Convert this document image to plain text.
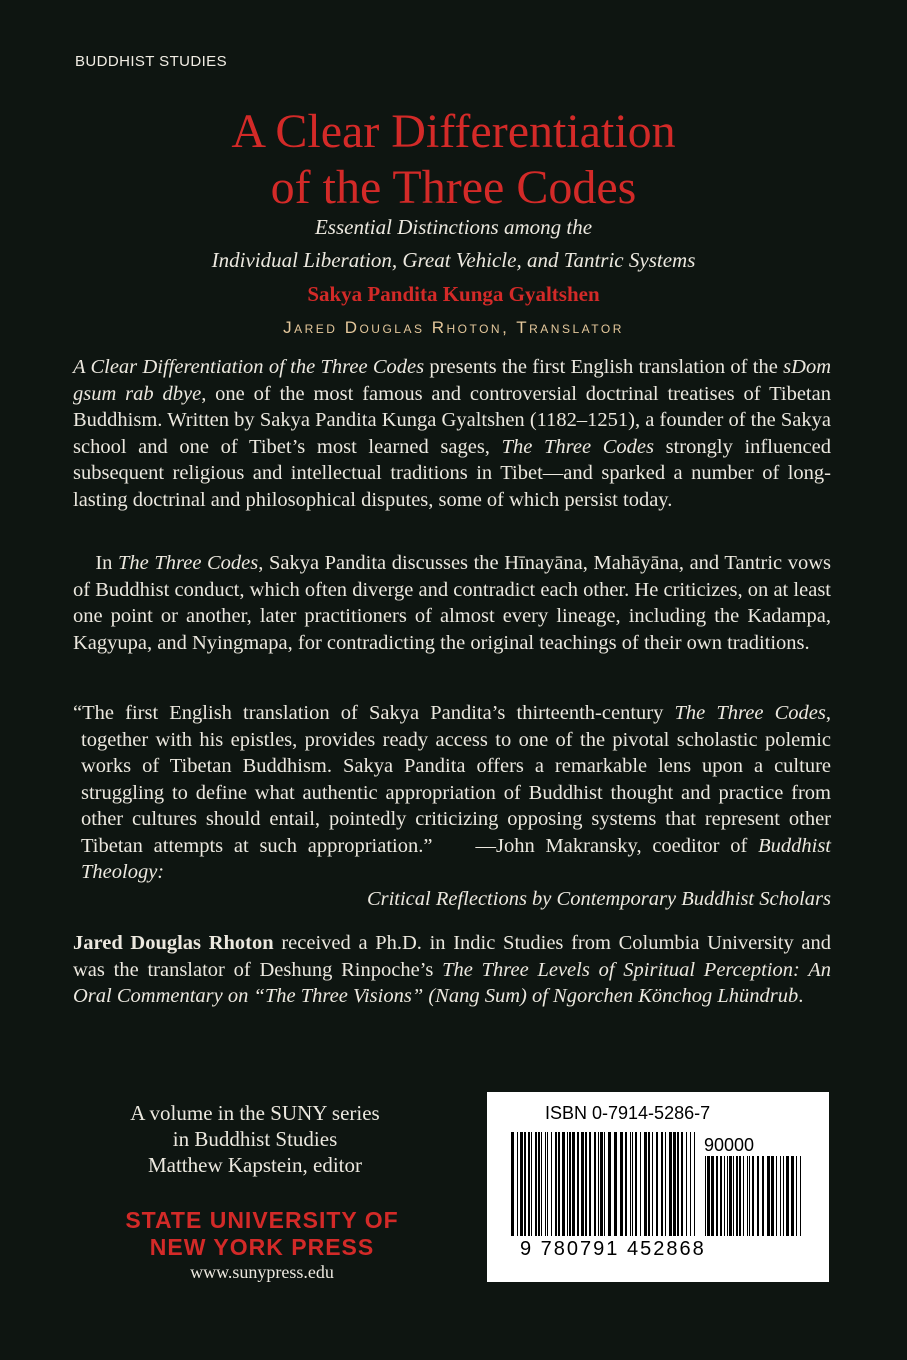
BUDDHIST STUDIES
A Clear Differentiation
of the Three Codes
Essential Distinctions among the
Individual Liberation, Great Vehicle, and Tantric Systems
Sakya Pandita Kunga Gyaltshen
Jared Douglas Rhoton, Translator

A Clear Differentiation of the Three Codes presents the first English translation of the sDom gsum rab dbye, one of the most famous and controversial doctrinal treatises of Tibetan Buddhism. Written by Sakya Pandita Kunga Gyaltshen (1182–1251), a founder of the Sakya school and one of Tibet’s most learned sages, The Three Codes strongly influenced subsequent religious and intellectual traditions in Tibet—and sparked a number of long-lasting doctrinal and philosophical disputes, some of which persist today.

In The Three Codes, Sakya Pandita discusses the Hīnayāna, Mahāyāna, and Tantric vows of Buddhist conduct, which often diverge and contradict each other. He criticizes, on at least one point or another, later practitioners of almost every lineage, including the Kadampa, Kagyupa, and Nyingmapa, for contradicting the original teachings of their own traditions.

“The first English translation of Sakya Pandita’s thirteenth-century The Three Codes, together with his epistles, provides ready access to one of the pivotal scholastic polemic works of Tibetan Buddhism. Sakya Pandita offers a remarkable lens upon a culture struggling to define what authentic appropriation of Buddhist thought and practice from other cultures should entail, pointedly criticizing opposing systems that represent other Tibetan attempts at such appropriation.” —John Makransky, coeditor of Buddhist Theology:
Critical Reflections by Contemporary Buddhist Scholars

Jared Douglas Rhoton received a Ph.D. in Indic Studies from Columbia University and was the translator of Deshung Rinpoche’s The Three Levels of Spiritual Perception: An Oral Commentary on “The Three Visions” (Nang Sum) of Ngorchen Könchog Lhündrub.

A volume in the SUNY series
in Buddhist Studies
Matthew Kapstein, editor
STATE UNIVERSITY OF
NEW YORK PRESS
www.sunypress.edu
ISBN 0-7914-5286-7
90000
9 780791 452868
